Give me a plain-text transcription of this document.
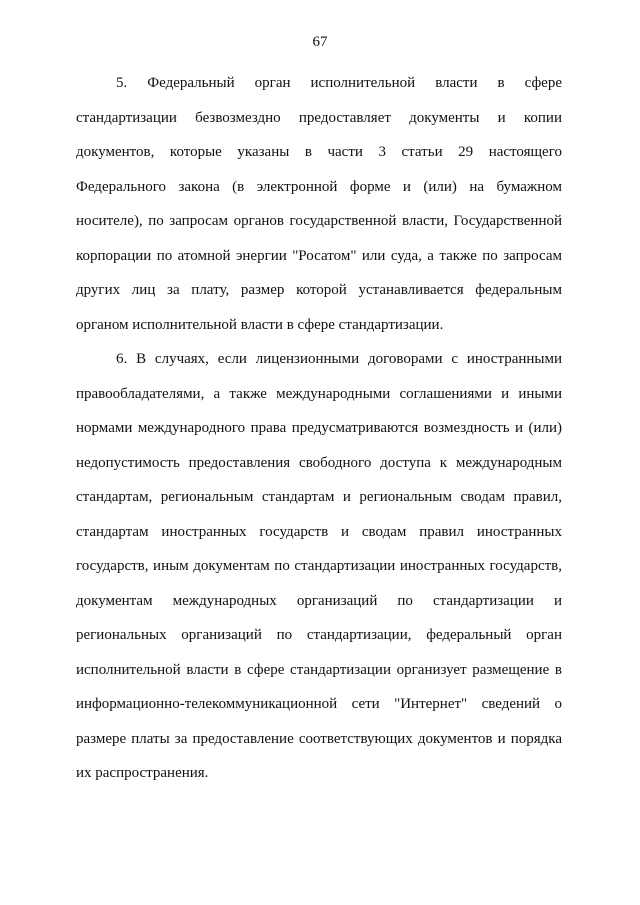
67

5. Федеральный орган исполнительной власти в сфере
стандартизации безвозмездно предоставляет документы и копии
документов, которые указаны в части 3 статьи 29 настоящего
Федерального закона (в электронной форме и (или) на бумажном
носителе), по запросам органов государственной власти, Государственной
корпорации по атомной энергии "Росатом" или суда, а также по запросам
других лиц за плату, размер которой устанавливается федеральным
органом исполнительной власти в сфере стандартизации.

6. В случаях, если лицензионными договорами с иностранными
правообладателями, а также международными соглашениями и иными
нормами международного права предусматриваются возмездность и (или)
недопустимость предоставления свободного доступа к международным
стандартам, региональным стандартам и региональным сводам правил,
стандартам иностранных государств и сводам правил иностранных
государств, иным документам по стандартизации иностранных государств,
документам международных организаций по стандартизации и
региональных организаций по стандартизации, федеральный орган
исполнительной власти в сфере стандартизации организует размещение в
информационно-телекоммуникационной сети "Интернет" сведений о
размере платы за предоставление соответствующих документов и порядка
их распространения.
